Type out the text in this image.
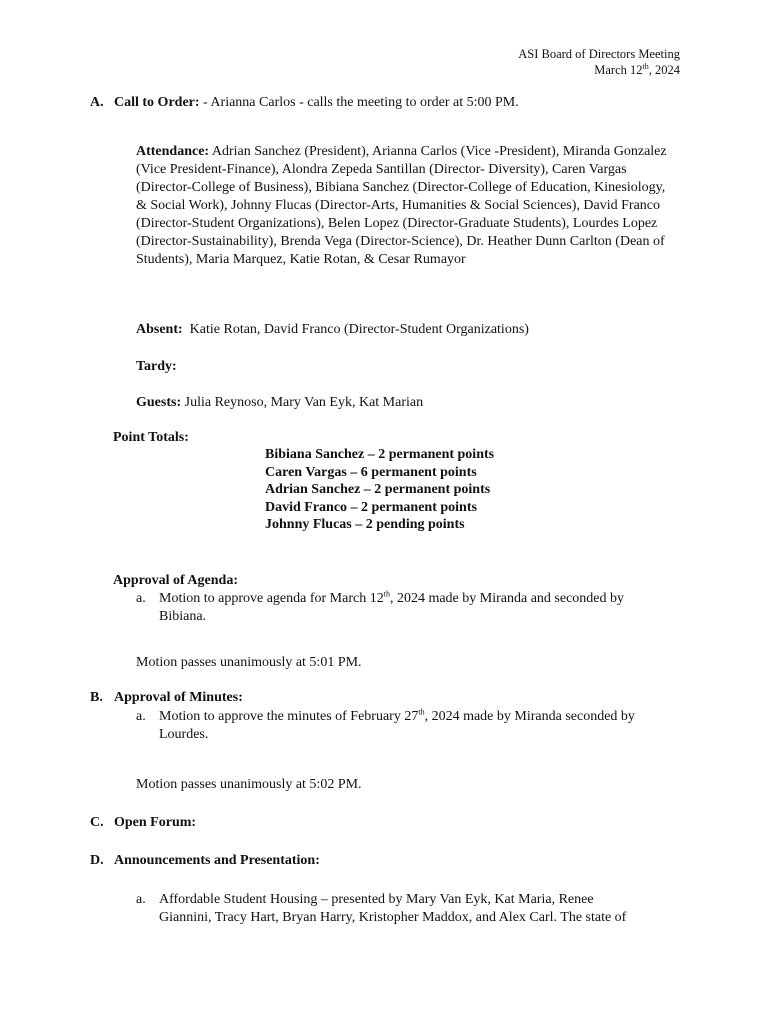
ASI Board of Directors Meeting
March 12th, 2024
A. Call to Order: - Arianna Carlos - calls the meeting to order at 5:00 PM.
Attendance: Adrian Sanchez (President), Arianna Carlos (Vice -President), Miranda Gonzalez (Vice President-Finance), Alondra Zepeda Santillan (Director- Diversity), Caren Vargas (Director-College of Business), Bibiana Sanchez (Director-College of Education, Kinesiology, & Social Work), Johnny Flucas (Director-Arts, Humanities & Social Sciences), David Franco (Director-Student Organizations), Belen Lopez (Director-Graduate Students), Lourdes Lopez (Director-Sustainability), Brenda Vega (Director-Science), Dr. Heather Dunn Carlton (Dean of Students), Maria Marquez, Katie Rotan, & Cesar Rumayor
Absent:  Katie Rotan, David Franco (Director-Student Organizations)
Tardy:
Guests: Julia Reynoso, Mary Van Eyk, Kat Marian
Point Totals:
Bibiana Sanchez – 2 permanent points
Caren Vargas – 6 permanent points
Adrian Sanchez – 2 permanent points
David Franco – 2 permanent points
Johnny Flucas – 2 pending points
Approval of Agenda:
a. Motion to approve agenda for March 12th, 2024 made by Miranda and seconded by
Bibiana.
Motion passes unanimously at 5:01 PM.
B. Approval of Minutes:
a. Motion to approve the minutes of February 27th, 2024 made by Miranda seconded by
Lourdes.
Motion passes unanimously at 5:02 PM.
C. Open Forum:
D. Announcements and Presentation:
a. Affordable Student Housing – presented by Mary Van Eyk, Kat Maria, Renee
Giannini, Tracy Hart, Bryan Harry, Kristopher Maddox, and Alex Carl. The state of
